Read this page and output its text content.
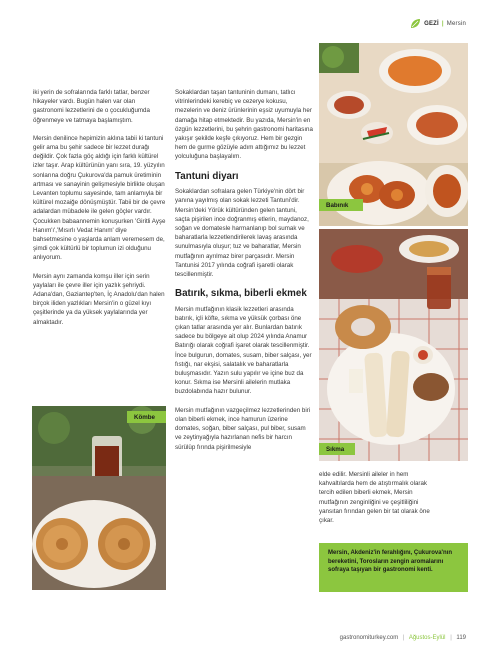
GEZİ | Mersin

iki yerin de sofralarında farklı tatlar, benzer hikayeler vardı. Bugün halen var olan gastronomi lezzetlerini de o çocukluğumda öğrenmeye ve tatmaya başlamıştım.

Mersin denilince hepimizin aklına tabii ki tantuni gelir ama bu şehir sadece bir lezzet durağı değildir. Çok fazla göç aldığı için farklı kültürel izler taşır. Arap kültürünün yanı sıra, 19. yüzyılın sonlarına doğru Çukurova'da pamuk üretiminin artması ve sanayinin gelişmesiyle birlikte oluşan Levanten toplumu sayesinde, tam anlamıyla bir kültürel mozaiğe dönüşmüştür. Tabii bir de çevre adalardan mübadele ile gelen göçler vardır. Çocukken babaannemin konuşurken 'Giritli Ayşe Hanım'ı','Mısırlı Vedat Hanım' diye bahsetmesine o yaşlarda anlam veremesem de, şimdi çok kültürlü bir toplumun izi olduğunu anlıyorum.

Mersin aynı zamanda komşu iller için serin yaylaları ile çevre iller için yazlık şehriydi. Adana'dan, Gaziantep'ten, İç Anadolu'dan halen birçok iliden yazlıkları Mersin'in o güzel kıyı çeşitlerinde ya da yüksek yaylalarında yer almaktadır.

Sokaklardan taşan tantuninin dumanı, tatlıcı vitrinlerindeki kerebiç ve cezerye kokusu, mezelerin ve deniz ürünlerinin eşsiz uyumuyla her damağa hitap etmektedir. Bu yazıda, Mersin'in en özgün lezzetlerini, bu şehrin gastronomi haritasına yakışır şekilde keşfe çıkıyoruz. Hem bir gezgin hem de gurme gözüyle adım attığımız bu lezzet yolculuğuna başlayalım.

Tantuni diyarı

Sokaklardan sofralara gelen Türkiye'nin dört bir yanına yayılmış olan sokak lezzeti Tantuni'dir. Mersin'deki Yörük kültüründen gelen tantuni, saçta pişirilen ince doğranmış etlerin, maydanoz, soğan ve domatesle harmanlanıp bol sumak ve baharatlarla lezzetlendirilerek lavaş arasında sunulmasıyla oluşur; tuz ve baharatlar, Mersin mutfağının ayrılmaz birer parçasıdır. Mersin Tantunisi 2017 yılında coğrafi işaretli olarak tescillenmiştir.

Batırık, sıkma, biberli ekmek

Mersin mutfağının klasik lezzetleri arasında batırık, içli köfte, sıkma ve yüksük çorbası öne çıkan tatlar arasında yer alır. Bunlardan batırık sadece bu bölgeye ait olup 2024 yılında Anamur Batırığı olarak coğrafi işaret olarak tescillenmiştir. İnce bulgurun, domates, susam, biber salçası, yer fıstığı, nar ekşisi, salatalık ve baharatlarla buluşmasıdır. Yazın sulu yapılır ve içine buz da konur. Sıkma ise Mersinli ailelerin mutlaka buzdolabında hazır bulunur.

Mersin mutfağının vazgeçilmez lezzetlerinden biri olan biberli ekmek, ince hamurun üzerine domates, soğan, biber salçası, pul biber, susam ve zeytinyağıyla hazırlanan nefis bir harcın sürülüp fırında pişirilmesiyle

elde edilir. Mersinli aileler in hem kahvaltılarda hem de atıştırmalık olarak tercih edilen biberli ekmek, Mersin mutfağının zenginliğini ve çeşitliliğini yansıtan fırından gelen bir tat olarak öne çıkar.

Babınık
Sıkma
Kömbe
Mersin, Akdeniz'in ferahlığını, Çukurova'nın bereketini, Torosların zengin aromalarını sofraya taşıyan bir gastronomi kenti.
gastronomiturkey.com | Ağustos-Eylül | 119
